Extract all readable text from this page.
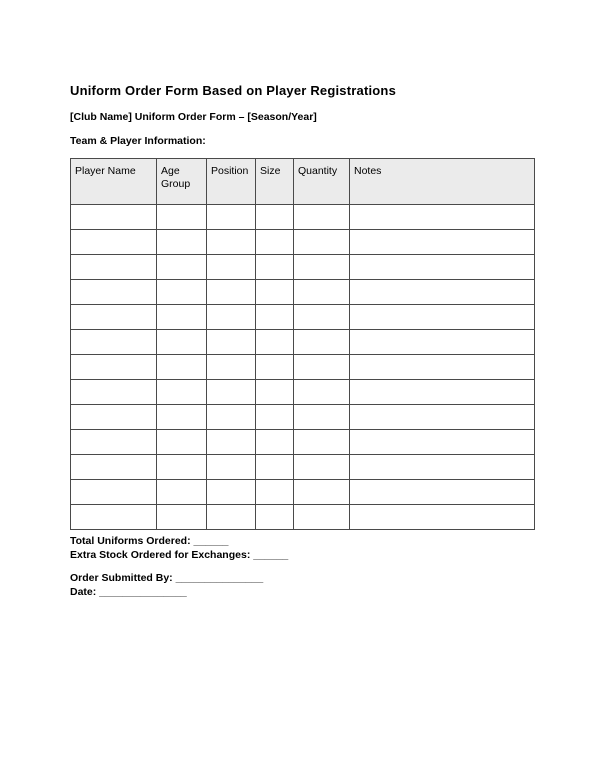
Uniform Order Form Based on Player Registrations
[Club Name] Uniform Order Form – [Season/Year]
Team & Player Information:
Player Name	Age Group	Position	Size	Quantity	Notes

Total Uniforms Ordered: ______
Extra Stock Ordered for Exchanges: ______
Order Submitted By: _______________
Date: _______________
